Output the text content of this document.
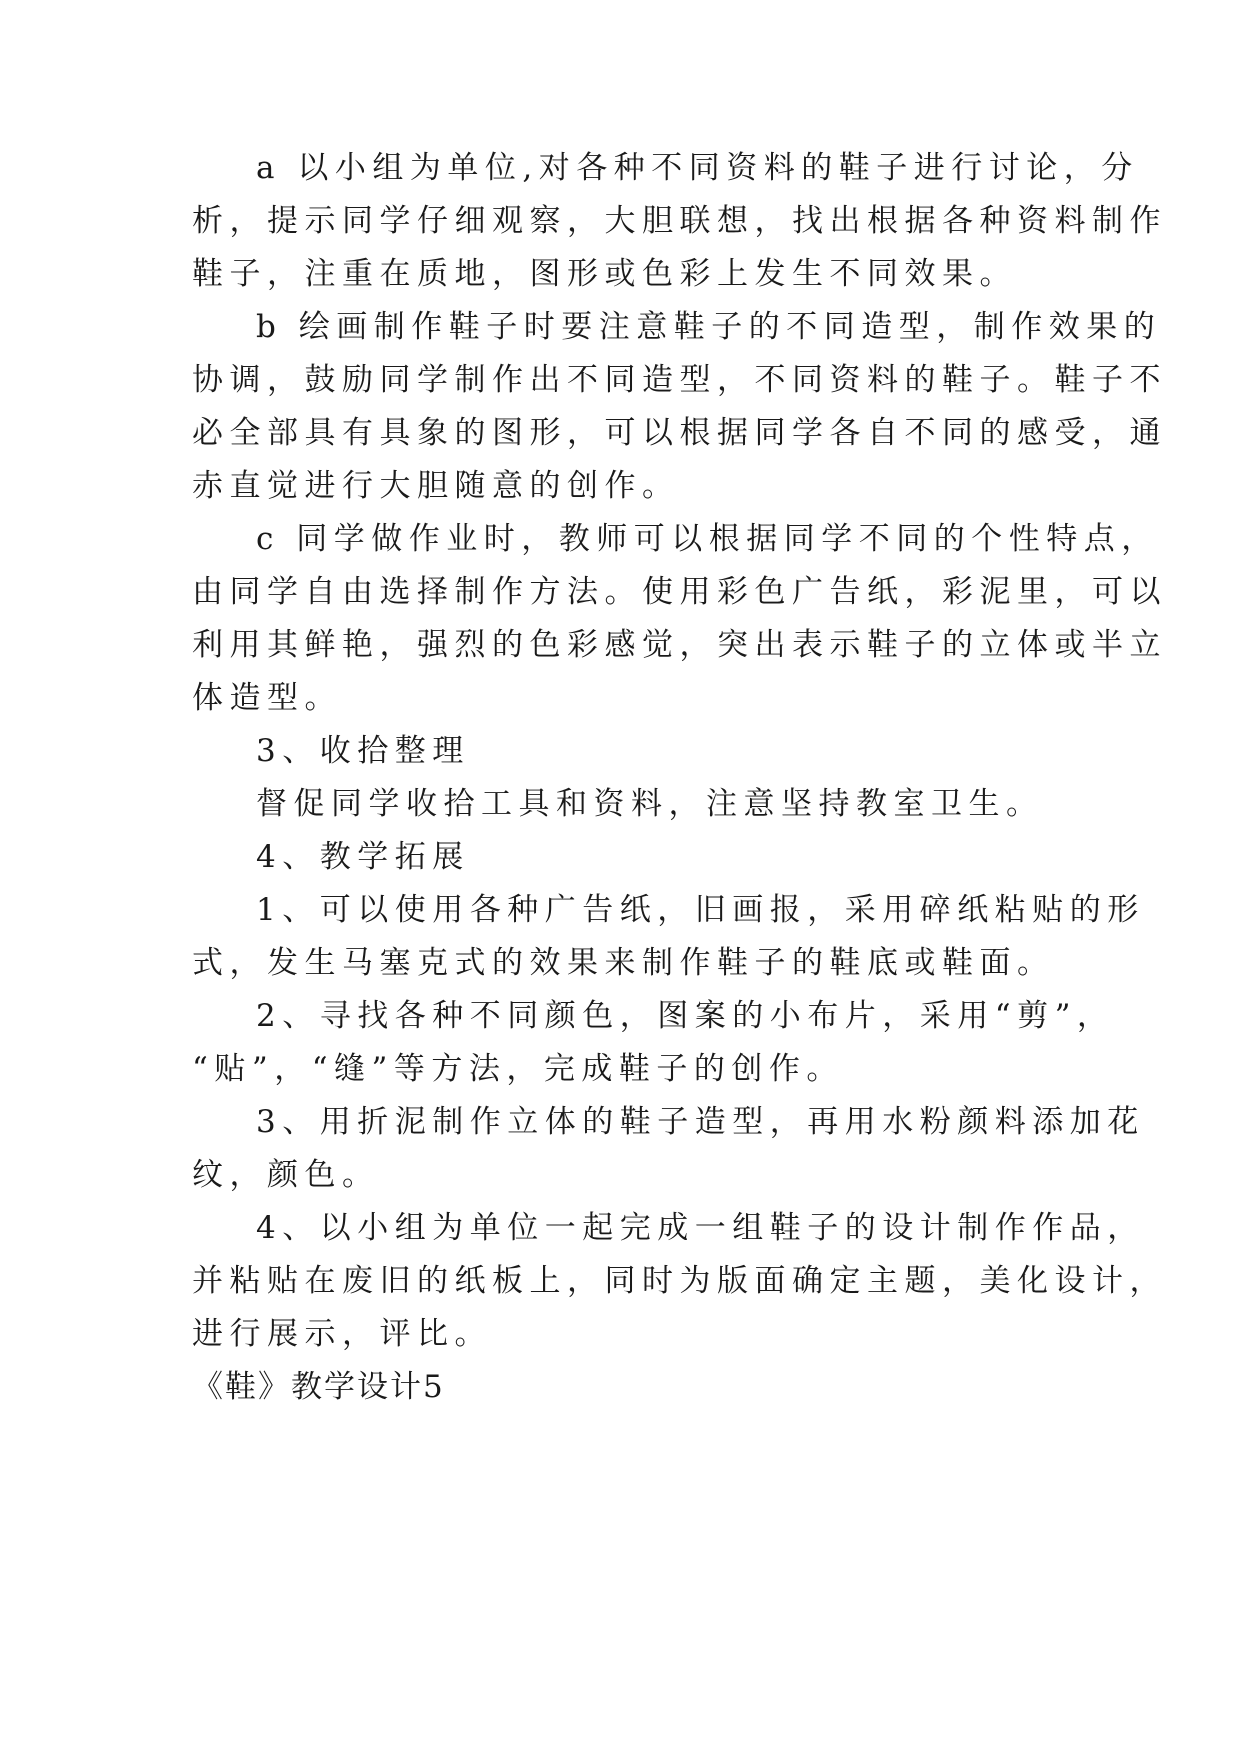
a 以小组为单位,对各种不同资料的鞋子进行讨论，分
析，提示同学仔细观察，大胆联想，找出根据各种资料制作
鞋子，注重在质地，图形或色彩上发生不同效果。
b 绘画制作鞋子时要注意鞋子的不同造型，制作效果的
协调，鼓励同学制作出不同造型，不同资料的鞋子。鞋子不
必全部具有具象的图形，可以根据同学各自不同的感受，通
赤直觉进行大胆随意的创作。
c 同学做作业时，教师可以根据同学不同的个性特点，
由同学自由选择制作方法。使用彩色广告纸，彩泥里，可以
利用其鲜艳，强烈的色彩感觉，突出表示鞋子的立体或半立
体造型。
3、收拾整理
督促同学收拾工具和资料，注意坚持教室卫生。
4、教学拓展
1、可以使用各种广告纸，旧画报，采用碎纸粘贴的形
式，发生马塞克式的效果来制作鞋子的鞋底或鞋面。
2、寻找各种不同颜色，图案的小布片，采用“剪”，
“贴”，“缝”等方法，完成鞋子的创作。
3、用折泥制作立体的鞋子造型，再用水粉颜料添加花
纹，颜色。
4、以小组为单位一起完成一组鞋子的设计制作作品，
并粘贴在废旧的纸板上，同时为版面确定主题，美化设计，
进行展示，评比。
《鞋》教学设计5
